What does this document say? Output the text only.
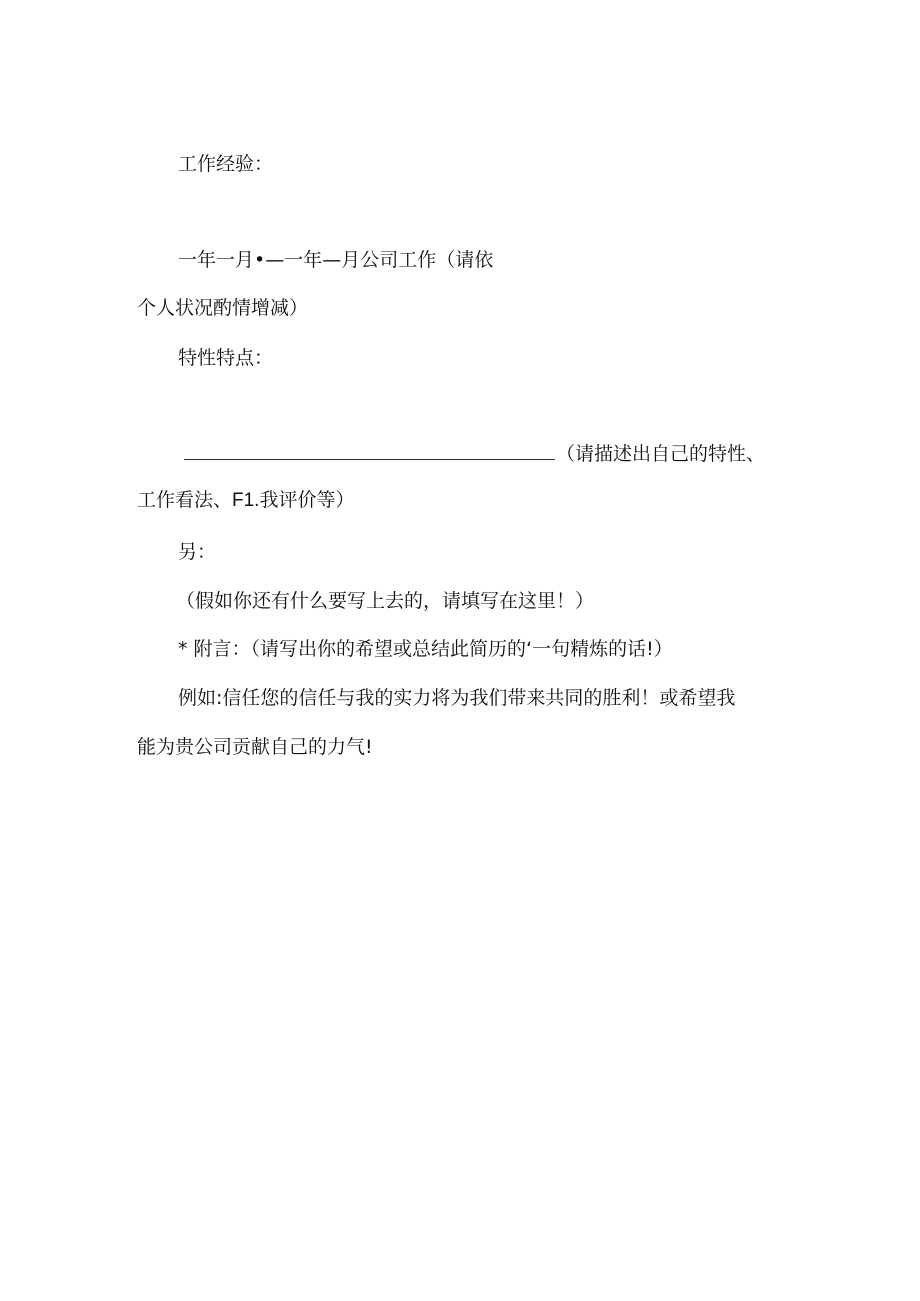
工作经验：
一年一月•—一年—月公司工作（请依
个人状况酌情增减）
特性特点：
（请描述出自己的特性、
工作看法、F1.我评价等）
另：
（假如你还有什么要写上去的，请填写在这里！）
* 附言：（请写出你的希望或总结此简历的‘一句精炼的话!）
例如:信任您的信任与我的实力将为我们带来共同的胜利！或希望我
能为贵公司贡献自己的力气!
